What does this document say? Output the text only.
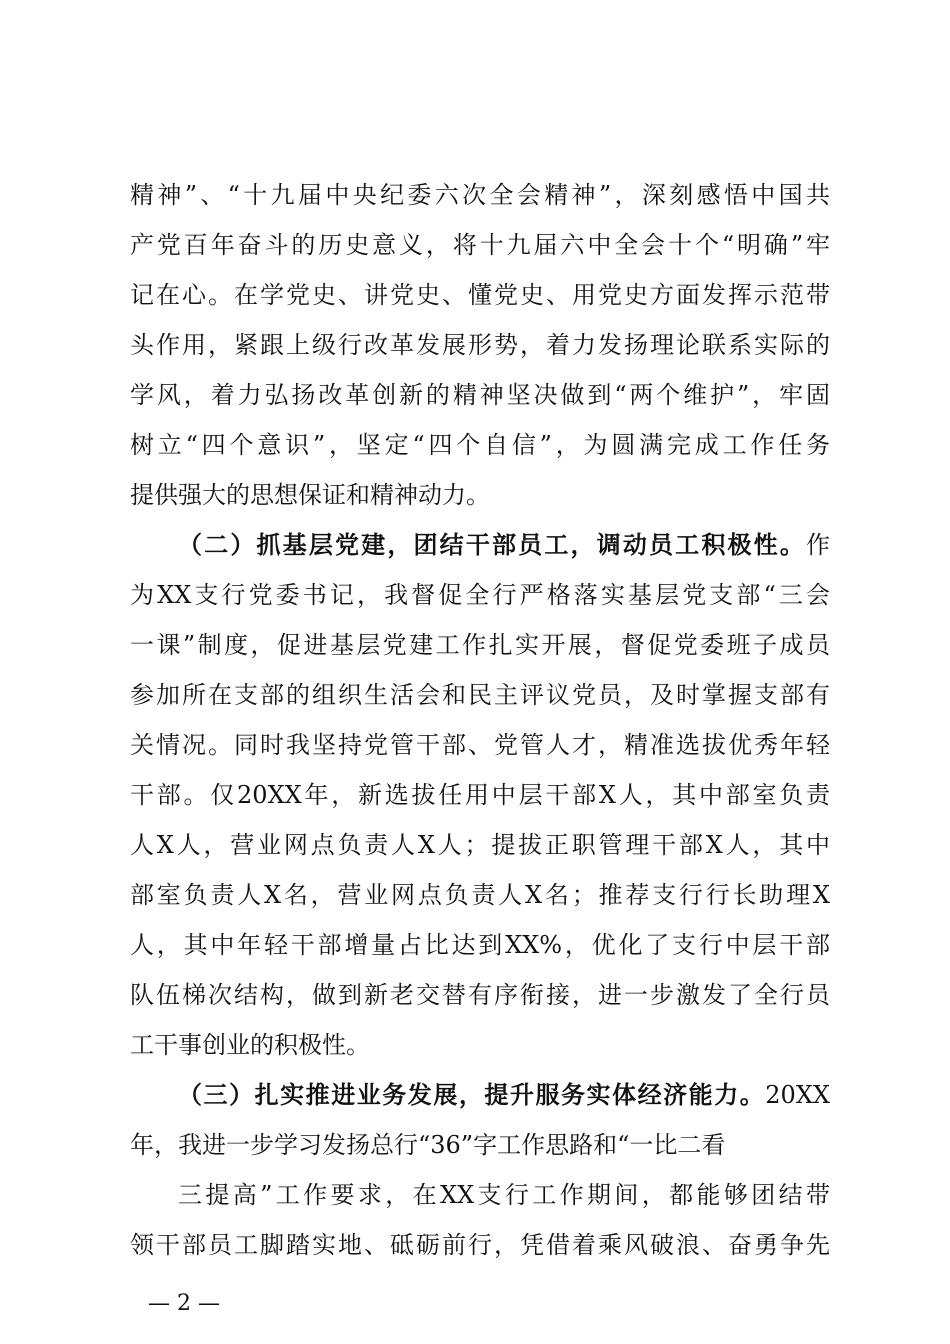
精神”、“十九届中央纪委六次全会精神”，深刻感悟中国共
产党百年奋斗的历史意义，将十九届六中全会十个“明确”牢
记在心。在学党史、讲党史、懂党史、用党史方面发挥示范带
头作用，紧跟上级行改革发展形势，着力发扬理论联系实际的
学风，着力弘扬改革创新的精神坚决做到“两个维护”，牢固
树立“四个意识”，坚定“四个自信”，为圆满完成工作任务
提供强大的思想保证和精神动力。
（二）抓基层党建，团结干部员工，调动员工积极性。作
为XX支行党委书记，我督促全行严格落实基层党支部“三会
一课”制度，促进基层党建工作扎实开展，督促党委班子成员
参加所在支部的组织生活会和民主评议党员，及时掌握支部有
关情况。同时我坚持党管干部、党管人才，精准选拔优秀年轻
干部。仅20XX年，新选拔任用中层干部X人，其中部室负责
人X人，营业网点负责人X人；提拔正职管理干部X人，其中
部室负责人X名，营业网点负责人X名；推荐支行行长助理X
人，其中年轻干部增量占比达到XX%，优化了支行中层干部
队伍梯次结构，做到新老交替有序衔接，进一步激发了全行员
工干事创业的积极性。
（三）扎实推进业务发展，提升服务实体经济能力。20XX
年，我进一步学习发扬总行“36”字工作思路和“一比二看
三提高”工作要求，在XX支行工作期间，都能够团结带
领干部员工脚踏实地、砥砺前行，凭借着乘风破浪、奋勇争先
— 2 —
